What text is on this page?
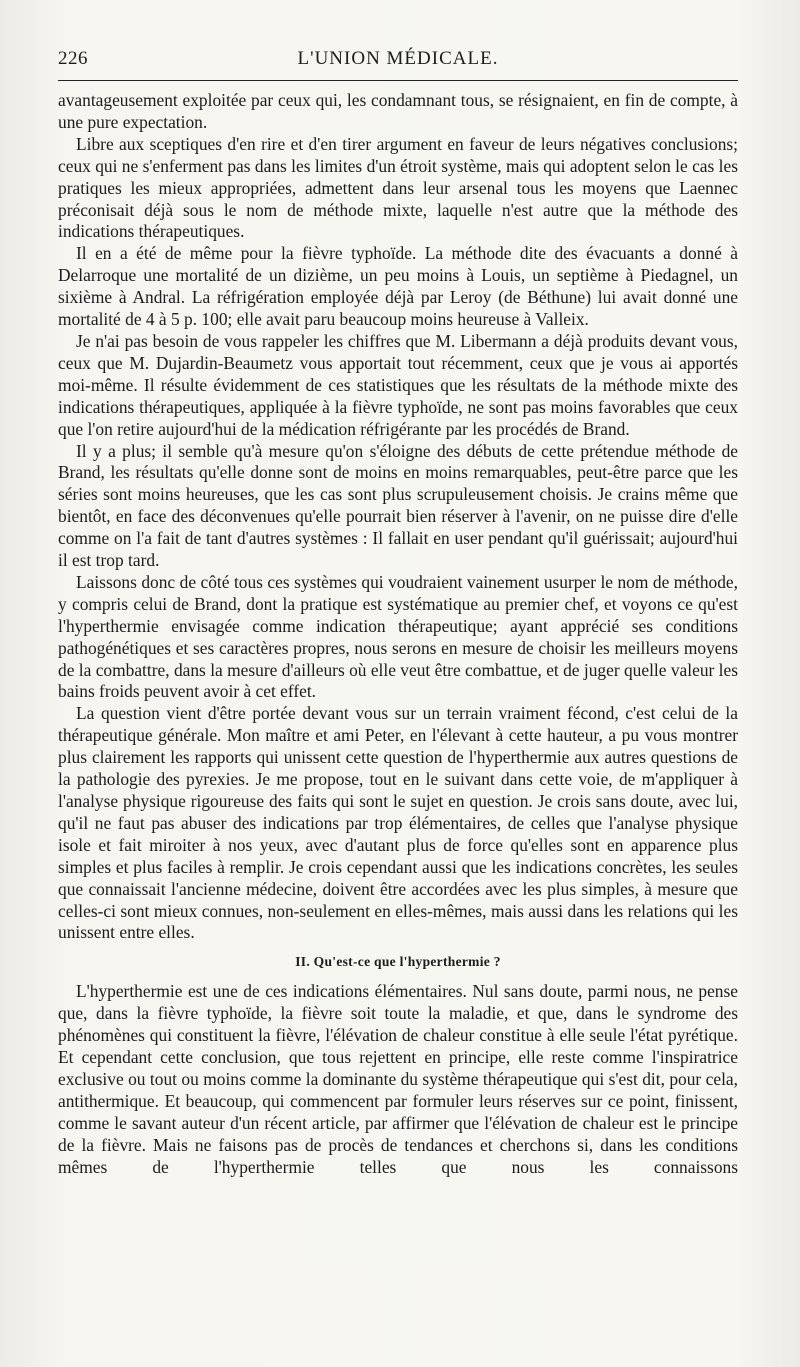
226	L'UNION MÉDICALE.

avantageusement exploitée par ceux qui, les condamnant tous, se résignaient, en fin de compte, à une pure expectation.

Libre aux sceptiques d'en rire et d'en tirer argument en faveur de leurs négatives conclusions; ceux qui ne s'enferment pas dans les limites d'un étroit système, mais qui adoptent selon le cas les pratiques les mieux appropriées, admettent dans leur arsenal tous les moyens que Laennec préconisait déjà sous le nom de méthode mixte, laquelle n'est autre que la méthode des indications thérapeutiques.

Il en a été de même pour la fièvre typhoïde. La méthode dite des évacuants a donné à Delarroque une mortalité de un dizième, un peu moins à Louis, un septième à Piedagnel, un sixième à Andral. La réfrigération employée déjà par Leroy (de Béthune) lui avait donné une mortalité de 4 à 5 p. 100; elle avait paru beaucoup moins heureuse à Valleix.

Je n'ai pas besoin de vous rappeler les chiffres que M. Libermann a déjà produits devant vous, ceux que M. Dujardin-Beaumetz vous apportait tout récemment, ceux que je vous ai apportés moi-même. Il résulte évidemment de ces statistiques que les résultats de la méthode mixte des indications thérapeutiques, appliquée à la fièvre typhoïde, ne sont pas moins favorables que ceux que l'on retire aujourd'hui de la médication réfrigérante par les procédés de Brand.

Il y a plus; il semble qu'à mesure qu'on s'éloigne des débuts de cette prétendue méthode de Brand, les résultats qu'elle donne sont de moins en moins remarquables, peut-être parce que les séries sont moins heureuses, que les cas sont plus scrupuleusement choisis. Je crains même que bientôt, en face des déconvenues qu'elle pourrait bien réserver à l'avenir, on ne puisse dire d'elle comme on l'a fait de tant d'autres systèmes : Il fallait en user pendant qu'il guérissait; aujourd'hui il est trop tard.

Laissons donc de côté tous ces systèmes qui voudraient vainement usurper le nom de méthode, y compris celui de Brand, dont la pratique est systématique au premier chef, et voyons ce qu'est l'hyperthermie envisagée comme indication thérapeutique; ayant apprécié ses conditions pathogénétiques et ses caractères propres, nous serons en mesure de choisir les meilleurs moyens de la combattre, dans la mesure d'ailleurs où elle veut être combattue, et de juger quelle valeur les bains froids peuvent avoir à cet effet.

La question vient d'être portée devant vous sur un terrain vraiment fécond, c'est celui de la thérapeutique générale. Mon maître et ami Peter, en l'élevant à cette hauteur, a pu vous montrer plus clairement les rapports qui unissent cette question de l'hyperthermie aux autres questions de la pathologie des pyrexies. Je me propose, tout en le suivant dans cette voie, de m'appliquer à l'analyse physique rigoureuse des faits qui sont le sujet en question. Je crois sans doute, avec lui, qu'il ne faut pas abuser des indications par trop élémentaires, de celles que l'analyse physique isole et fait miroiter à nos yeux, avec d'autant plus de force qu'elles sont en apparence plus simples et plus faciles à remplir. Je crois cependant aussi que les indications concrètes, les seules que connaissait l'ancienne médecine, doivent être accordées avec les plus simples, à mesure que celles-ci sont mieux connues, non-seulement en elles-mêmes, mais aussi dans les relations qui les unissent entre elles.

II. Qu'est-ce que l'hyperthermie ?

L'hyperthermie est une de ces indications élémentaires. Nul sans doute, parmi nous, ne pense que, dans la fièvre typhoïde, la fièvre soit toute la maladie, et que, dans le syndrome des phénomènes qui constituent la fièvre, l'élévation de chaleur constitue à elle seule l'état pyrétique. Et cependant cette conclusion, que tous rejettent en principe, elle reste comme l'inspiratrice exclusive ou tout ou moins comme la dominante du système thérapeutique qui s'est dit, pour cela, antithermique. Et beaucoup, qui commencent par formuler leurs réserves sur ce point, finissent, comme le savant auteur d'un récent article, par affirmer que l'élévation de chaleur est le principe de la fièvre. Mais ne faisons pas de procès de tendances et cherchons si, dans les conditions mêmes de l'hyperthermie telles que nous les connaissons
